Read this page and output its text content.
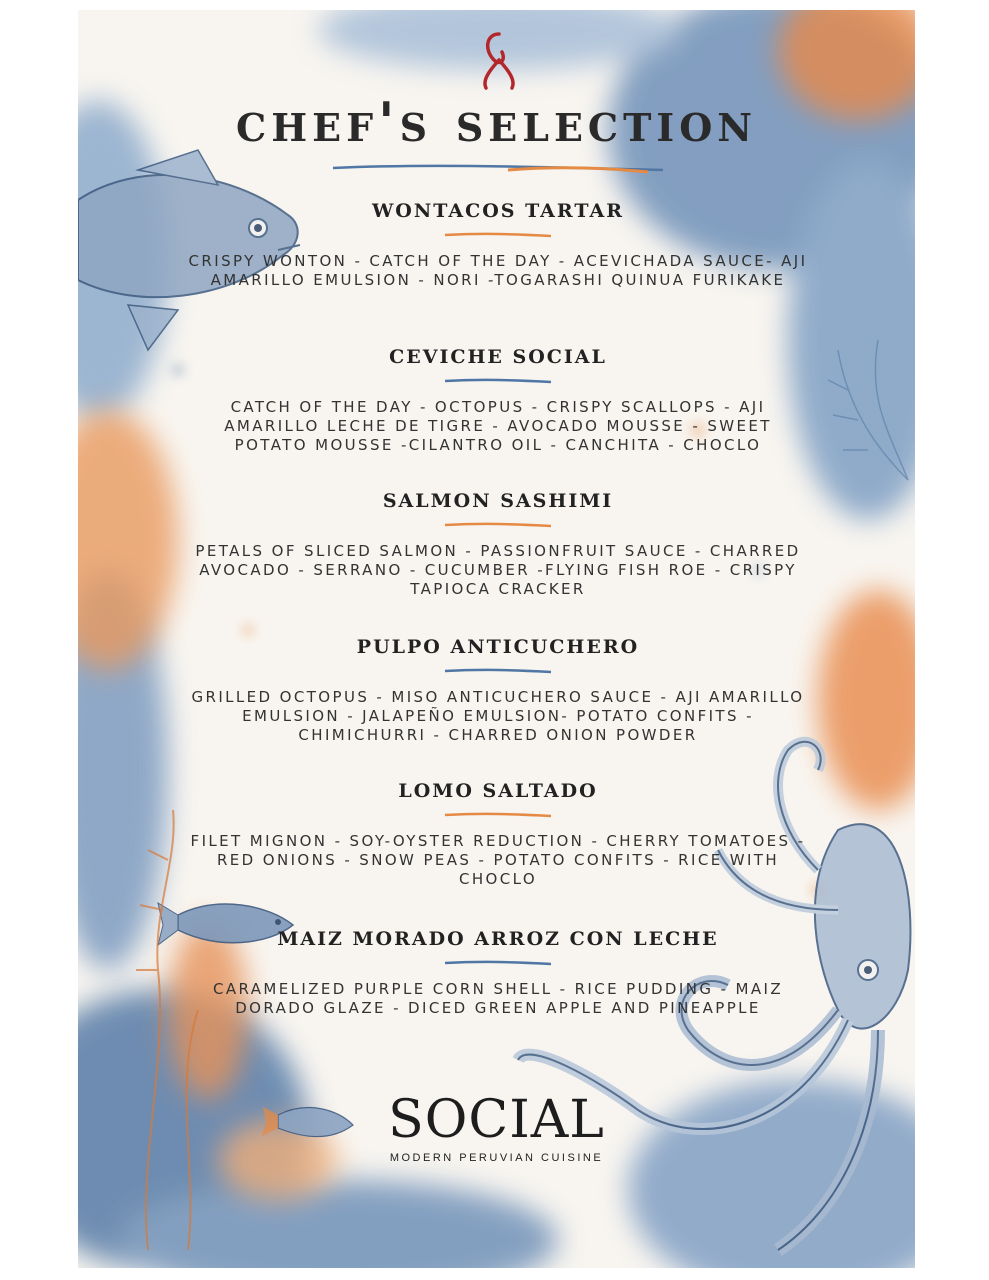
chef's selection
WONTACOS TARTAR

CRISPY WONTON - CATCH OF THE DAY - ACEVICHADA SAUCE- AJI AMARILLO EMULSION - NORI -TOGARASHI QUINUA FURIKAKE

CEVICHE SOCIAL

CATCH OF THE DAY - OCTOPUS - CRISPY SCALLOPS - AJI AMARILLO LECHE DE TIGRE - AVOCADO MOUSSE - SWEET POTATO MOUSSE -CILANTRO OIL - CANCHITA - CHOCLO

SALMON SASHIMI

PETALS OF SLICED SALMON - PASSIONFRUIT SAUCE - CHARRED AVOCADO - SERRANO - CUCUMBER -FLYING FISH ROE - CRISPY TAPIOCA CRACKER

PULPO ANTICUCHERO

GRILLED OCTOPUS - MISO ANTICUCHERO SAUCE - AJI AMARILLO EMULSION - JALAPEÑO EMULSION- POTATO CONFITS - CHIMICHURRI - CHARRED ONION POWDER

LOMO SALTADO

FILET MIGNON - SOY-OYSTER REDUCTION - CHERRY TOMATOES - RED ONIONS - SNOW PEAS - POTATO CONFITS - RICE WITH CHOCLO

MAIZ MORADO ARROZ CON LECHE

CARAMELIZED PURPLE CORN SHELL - RICE PUDDING - MAIZ DORADO GLAZE - DICED GREEN APPLE AND PINEAPPLE

SOCIAL
MODERN PERUVIAN CUISINE
